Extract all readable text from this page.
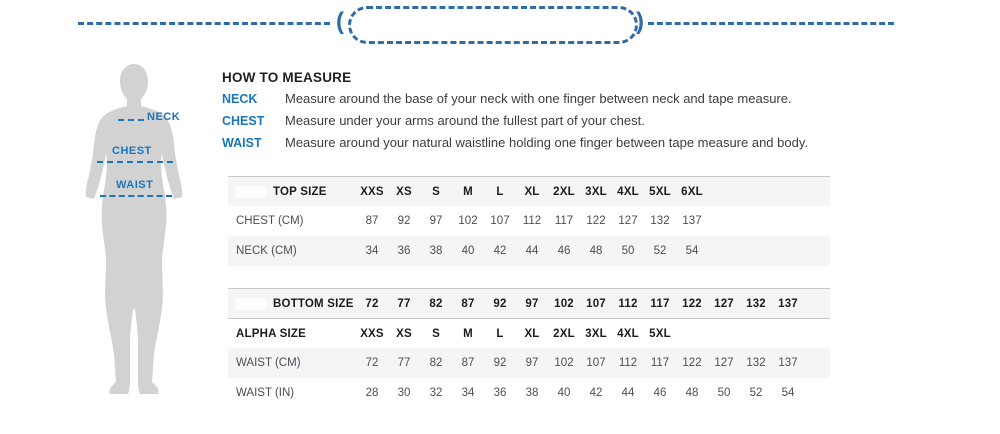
(	)
NECK
CHEST
WAIST
HOW TO MEASURE
NECK	Measure around the base of your neck with one finger between neck and tape measure.
CHEST	Measure under your arms around the fullest part of your chest.
WAIST	Measure around your natural waistline holding one finger between tape measure and body.
TOP SIZE	XXS	XS	S	M	L	XL	2XL 3XL 4XL 5XL 6XL
CHEST (CM)	87	92	97	102	107	112	117	122	127	132	137
NECK (CM)	34	36	38	40	42	44	46	48	50	52	54
BOTTOM SIZE	72	77	82	87	92	97	102	107	112	117	122	127	132	137
ALPHA SIZE	XXS	XS	S	M	L	XL	2XL 3XL 4XL 5XL
WAIST (CM)	72	77	82	87	92	97	102	107	112	117	122	127	132	137
WAIST (IN)	28	30	32	34	36	38	40	42	44	46	48	50	52	54
